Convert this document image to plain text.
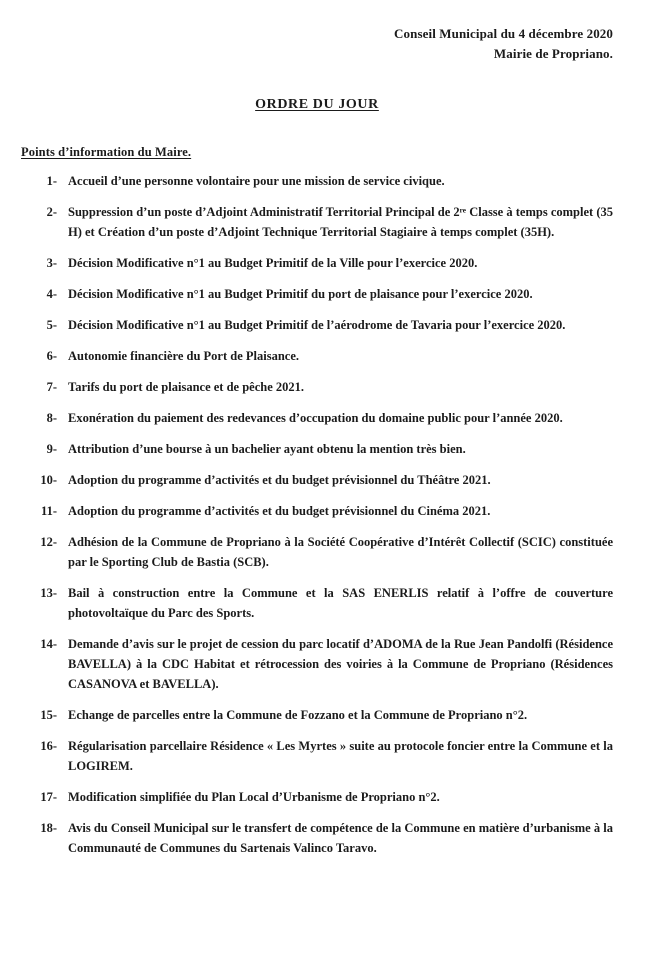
Conseil Municipal du 4 décembre 2020
Mairie de Propriano.
ORDRE DU JOUR
Points d’information du Maire.
1- Accueil d’une personne volontaire pour une mission de service civique.
2- Suppression d’un poste d’Adjoint Administratif Territorial Principal de 2ʳᵉ Classe à temps complet (35 H) et Création d’un poste d’Adjoint Technique Territorial Stagiaire à temps complet (35H).
3- Décision Modificative n°1 au Budget Primitif de la Ville pour l’exercice 2020.
4- Décision Modificative n°1 au Budget Primitif du port de plaisance pour l’exercice 2020.
5- Décision Modificative n°1 au Budget Primitif de l’aérodrome de Tavaria pour l’exercice 2020.
6- Autonomie financière du Port de Plaisance.
7- Tarifs du port de plaisance et de pêche 2021.
8- Exonération du paiement des redevances d’occupation du domaine public pour l’année 2020.
9- Attribution d’une bourse à un bachelier ayant obtenu la mention très bien.
10- Adoption du programme d’activités et du budget prévisionnel du Théâtre 2021.
11- Adoption du programme d’activités et du budget prévisionnel du Cinéma 2021.
12- Adhésion de la Commune de Propriano à la Société Coopérative d’Intérêt Collectif (SCIC) constituée par le Sporting Club de Bastia (SCB).
13- Bail à construction entre la Commune et la SAS ENERLIS relatif à l’offre de couverture photovoltaïque du Parc des Sports.
14- Demande d’avis sur le projet de cession du parc locatif d’ADOMA de la Rue Jean Pandolfi (Résidence BAVELLA) à la CDC Habitat et rétrocession des voiries à la Commune de Propriano (Résidences CASANOVA et BAVELLA).
15- Echange de parcelles entre la Commune de Fozzano et la Commune de Propriano n°2.
16- Régularisation parcellaire Résidence « Les Myrtes » suite au protocole foncier entre la Commune et la LOGIREM.
17- Modification simplifiée du Plan Local d’Urbanisme de Propriano n°2.
18- Avis du Conseil Municipal sur le transfert de compétence de la Commune en matière d’urbanisme à la Communauté de Communes du Sartenais Valinco Taravo.
